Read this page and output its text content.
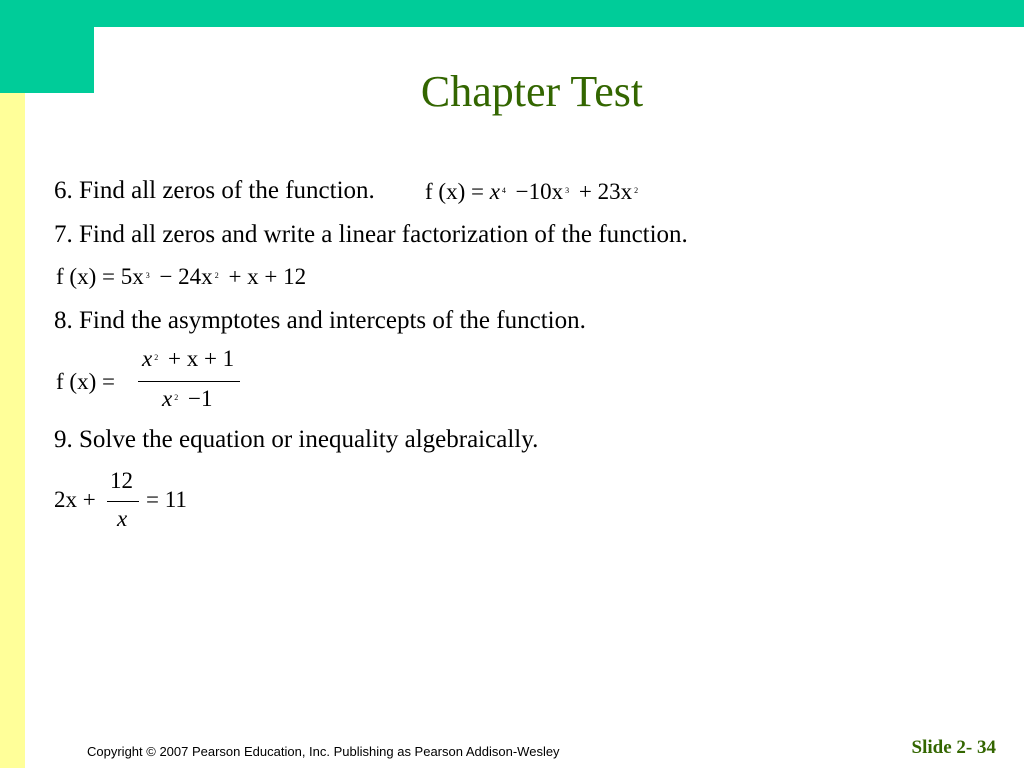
Chapter Test
6. Find all zeros of the function. f (x) = x $^4$ −10x $^3$ + 23x $^2$
7. Find all zeros and write a linear factorization of the function.
f (x) = 5x $^3$ − 24x $^2$ + x + 12
8. Find the asymptotes and intercepts of the function.
f (x) =
x $^2$ + x + 1
x $^2$ −1
9. Solve the equation or inequality algebraically.
2x +
12
x
= 11
Copyright © 2007 Pearson Education, Inc. Publishing as Pearson Addison-Wesley	Slide 2- 34
